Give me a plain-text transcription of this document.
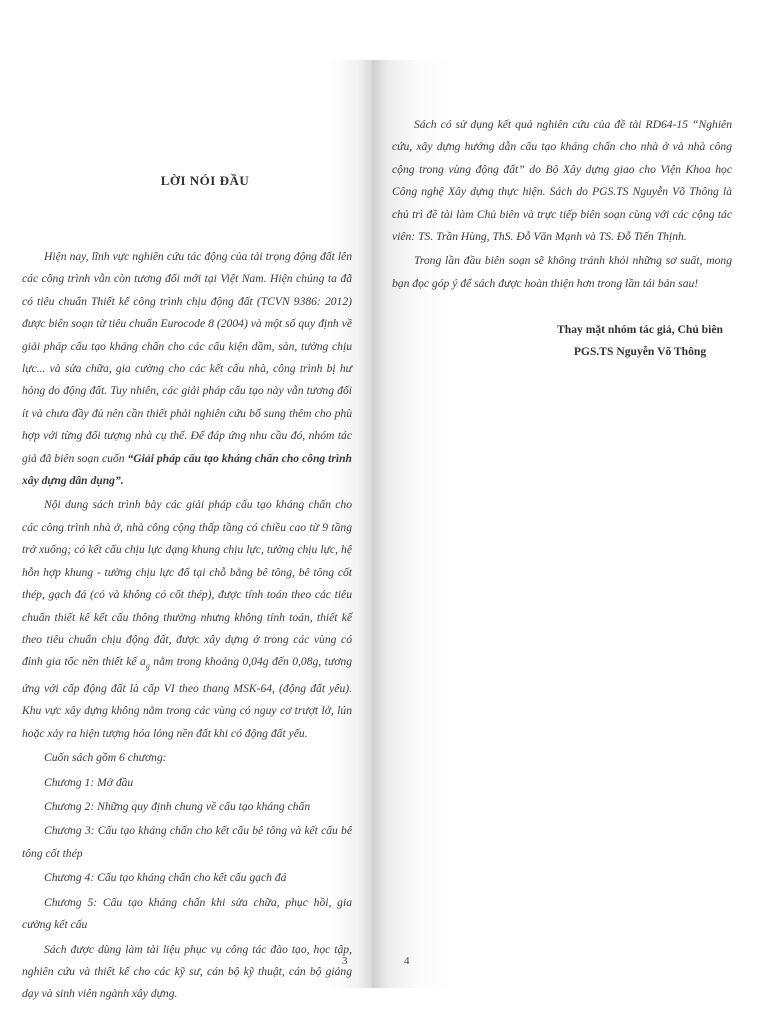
LỜI NÓI ĐẦU

Hiện nay, lĩnh vực nghiên cứu tác động của tải trọng động đất lên các công trình vẫn còn tương đối mới tại Việt Nam. Hiện chúng ta đã có tiêu chuẩn Thiết kế công trình chịu động đất (TCVN 9386: 2012) được biên soạn từ tiêu chuẩn Eurocode 8 (2004) và một số quy định về giải pháp cấu tạo kháng chấn cho các cấu kiện dầm, sàn, tường chịu lực... và sửa chữa, gia cường cho các kết cấu nhà, công trình bị hư hỏng do động đất. Tuy nhiên, các giải pháp cấu tạo này vẫn tương đối ít và chưa đầy đủ nên cần thiết phải nghiên cứu bổ sung thêm cho phù hợp với từng đối tượng nhà cụ thể. Để đáp ứng nhu cầu đó, nhóm tác giả đã biên soạn cuốn “Giải pháp cấu tạo kháng chấn cho công trình xây dựng dân dụng”.

Nội dung sách trình bày các giải pháp cấu tạo kháng chấn cho các công trình nhà ở, nhà công cộng thấp tầng có chiều cao từ 9 tầng trở xuống; có kết cấu chịu lực dạng khung chịu lực, tường chịu lực, hệ hỗn hợp khung - tường chịu lực đổ tại chỗ bằng bê tông, bê tông cốt thép, gạch đá (có và không có cốt thép), được tính toán theo các tiêu chuẩn thiết kế kết cấu thông thường nhưng không tính toán, thiết kế theo tiêu chuẩn chịu động đất, được xây dựng ở trong các vùng có đỉnh gia tốc nền thiết kế $a_g$ nằm trong khoảng 0,04g đến 0,08g, tương ứng với cấp động đất là cấp VI theo thang MSK-64, (động đất yếu). Khu vực xây dựng không nằm trong các vùng có nguy cơ trượt lở, lún hoặc xảy ra hiện tượng hóa lỏng nền đất khi có động đất yếu.

Cuốn sách gồm 6 chương:

Chương 1: Mở đầu

Chương 2: Những quy định chung về cấu tạo kháng chấn

Chương 3: Cấu tạo kháng chấn cho kết cấu bê tông và kết cấu bê tông cốt thép

Chương 4: Cấu tạo kháng chấn cho kết cấu gạch đá

Chương 5: Cấu tạo kháng chấn khi sửa chữa, phục hồi, gia cường kết cấu

Sách được dùng làm tài liệu phục vụ công tác đào tạo, học tập, nghiên cứu và thiết kế cho các kỹ sư, cán bộ kỹ thuật, cán bộ giảng dạy và sinh viên ngành xây dựng.

Sách có sử dụng kết quả nghiên cứu của đề tài RD64-15 “Nghiên cứu, xây dựng hướng dẫn cấu tạo kháng chấn cho nhà ở và nhà công cộng trong vùng động đất” do Bộ Xây dựng giao cho Viện Khoa học Công nghệ Xây dựng thực hiện. Sách do PGS.TS Nguyễn Võ Thông là chủ trì đề tài làm Chủ biên và trực tiếp biên soạn cùng với các cộng tác viên: TS. Trần Hùng, ThS. Đỗ Văn Mạnh và TS. Đỗ Tiến Thịnh.

Trong lần đầu biên soạn sẽ không tránh khỏi những sơ suất, mong bạn đọc góp ý để sách được hoàn thiện hơn trong lần tái bản sau!

Thay mặt nhóm tác giả, Chủ biên
PGS.TS Nguyễn Võ Thông
3	4
